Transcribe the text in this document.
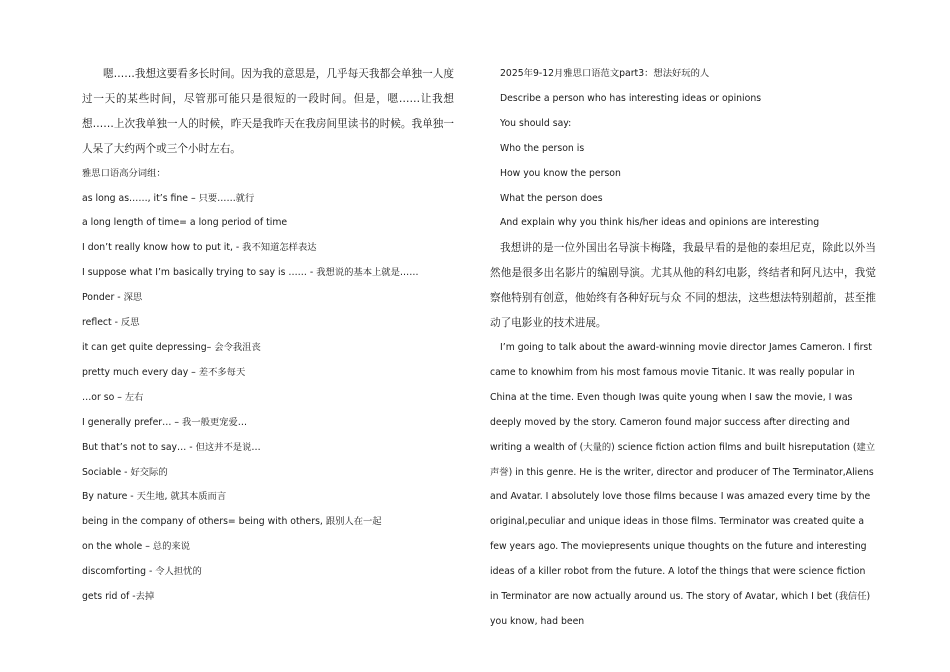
嗯……我想这要看多长时间。因为我的意思是，几乎每天我都会单独一人度过一天的某些时间，尽管那可能只是很短的一段时间。但是，嗯……让我想想……上次我单独一人的时候，昨天是我昨天在我房间里读书的时候。我单独一人呆了大约两个或三个小时左右。

雅思口语高分词组：

as long as……, it’s fine – 只要……就行

a long length of time= a long period of time

I don’t really know how to put it, - 我不知道怎样表达

I suppose what I’m basically trying to say is …… - 我想说的基本上就是……

Ponder - 深思

reflect - 反思

it can get quite depressing– 会令我沮丧

pretty much every day – 差不多每天

…or so – 左右

I generally prefer… – 我一般更宠爱…

But that’s not to say… - 但这并不是说…

Sociable - 好交际的

By nature - 天生地, 就其本质而言

being in the company of others= being with others, 跟别人在一起

on the whole – 总的来说

discomforting - 令人担忧的

gets rid of -去掉

2025年9-12月雅思口语范文part3：想法好玩的人

Describe a person who has interesting ideas or opinions

You should say:

Who the person is

How you know the person

What the person does

And explain why you think his/her ideas and opinions are interesting

我想讲的是一位外国出名导演卡梅隆，我最早看的是他的泰坦尼克，除此以外当然他是很多出名影片的编剧导演。尤其从他的科幻电影，终结者和阿凡达中，我觉察他特别有创意，他始终有各种好玩与众 不同的想法，这些想法特别超前，甚至推动了电影业的技术进展。

I’m going to talk about the award-winning movie director James Cameron. I first came to knowhim from his most famous movie Titanic. It was really popular in China at the time. Even though Iwas quite young when I saw the movie, I was deeply moved by the story. Cameron found major success after directing and writing a wealth of (大量的) science fiction action films and built hisreputation (建立声誉) in this genre. He is the writer, director and producer of The Terminator,Aliens and Avatar. I absolutely love those films because I was amazed every time by the original,peculiar and unique ideas in those films. Terminator was created quite a few years ago. The moviepresents unique thoughts on the future and interesting ideas of a killer robot from the future. A lotof the things that were science fiction in Terminator are now actually around us. The story of Avatar, which I bet (我信任) you know, had been
